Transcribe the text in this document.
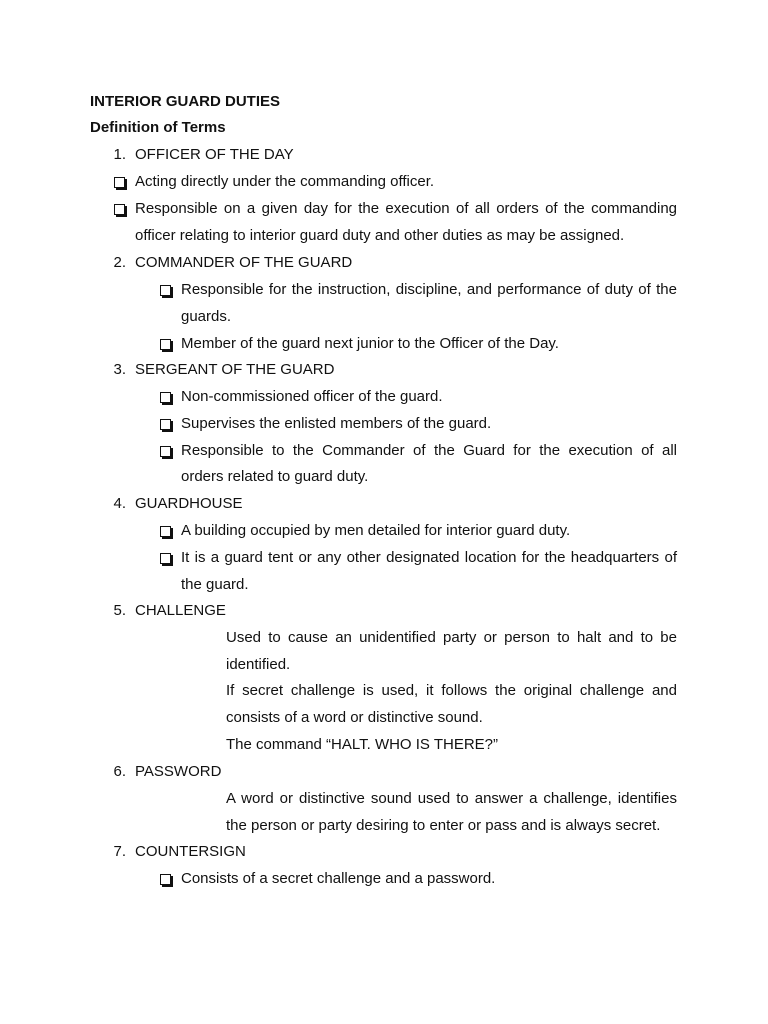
INTERIOR GUARD DUTIES
Definition of Terms
1. OFFICER OF THE DAY
Acting directly under the commanding officer.
Responsible on a given day for the execution of all orders of the commanding
officer relating to interior guard duty and other duties as may be assigned.
2. COMMANDER OF THE GUARD
Responsible for the instruction, discipline, and performance of duty of the
guards.
Member of the guard next junior to the Officer of the Day.
3. SERGEANT OF THE GUARD
Non-commissioned officer of the guard.
Supervises the enlisted members of the guard.
Responsible to the Commander of the Guard for the execution of all
orders related to guard duty.
4. GUARDHOUSE
A building occupied by men detailed for interior guard duty.
It is a guard tent or any other designated location for the headquarters of
the guard.
5. CHALLENGE
Used to cause an unidentified party or person to halt and to be
identified.
If secret challenge is used, it follows the original challenge and
consists of a word or distinctive sound.
The command “HALT. WHO IS THERE?”
6. PASSWORD
A word or distinctive sound used to answer a challenge, identifies
the person or party desiring to enter or pass and is always secret.
7. COUNTERSIGN
Consists of a secret challenge and a password.
